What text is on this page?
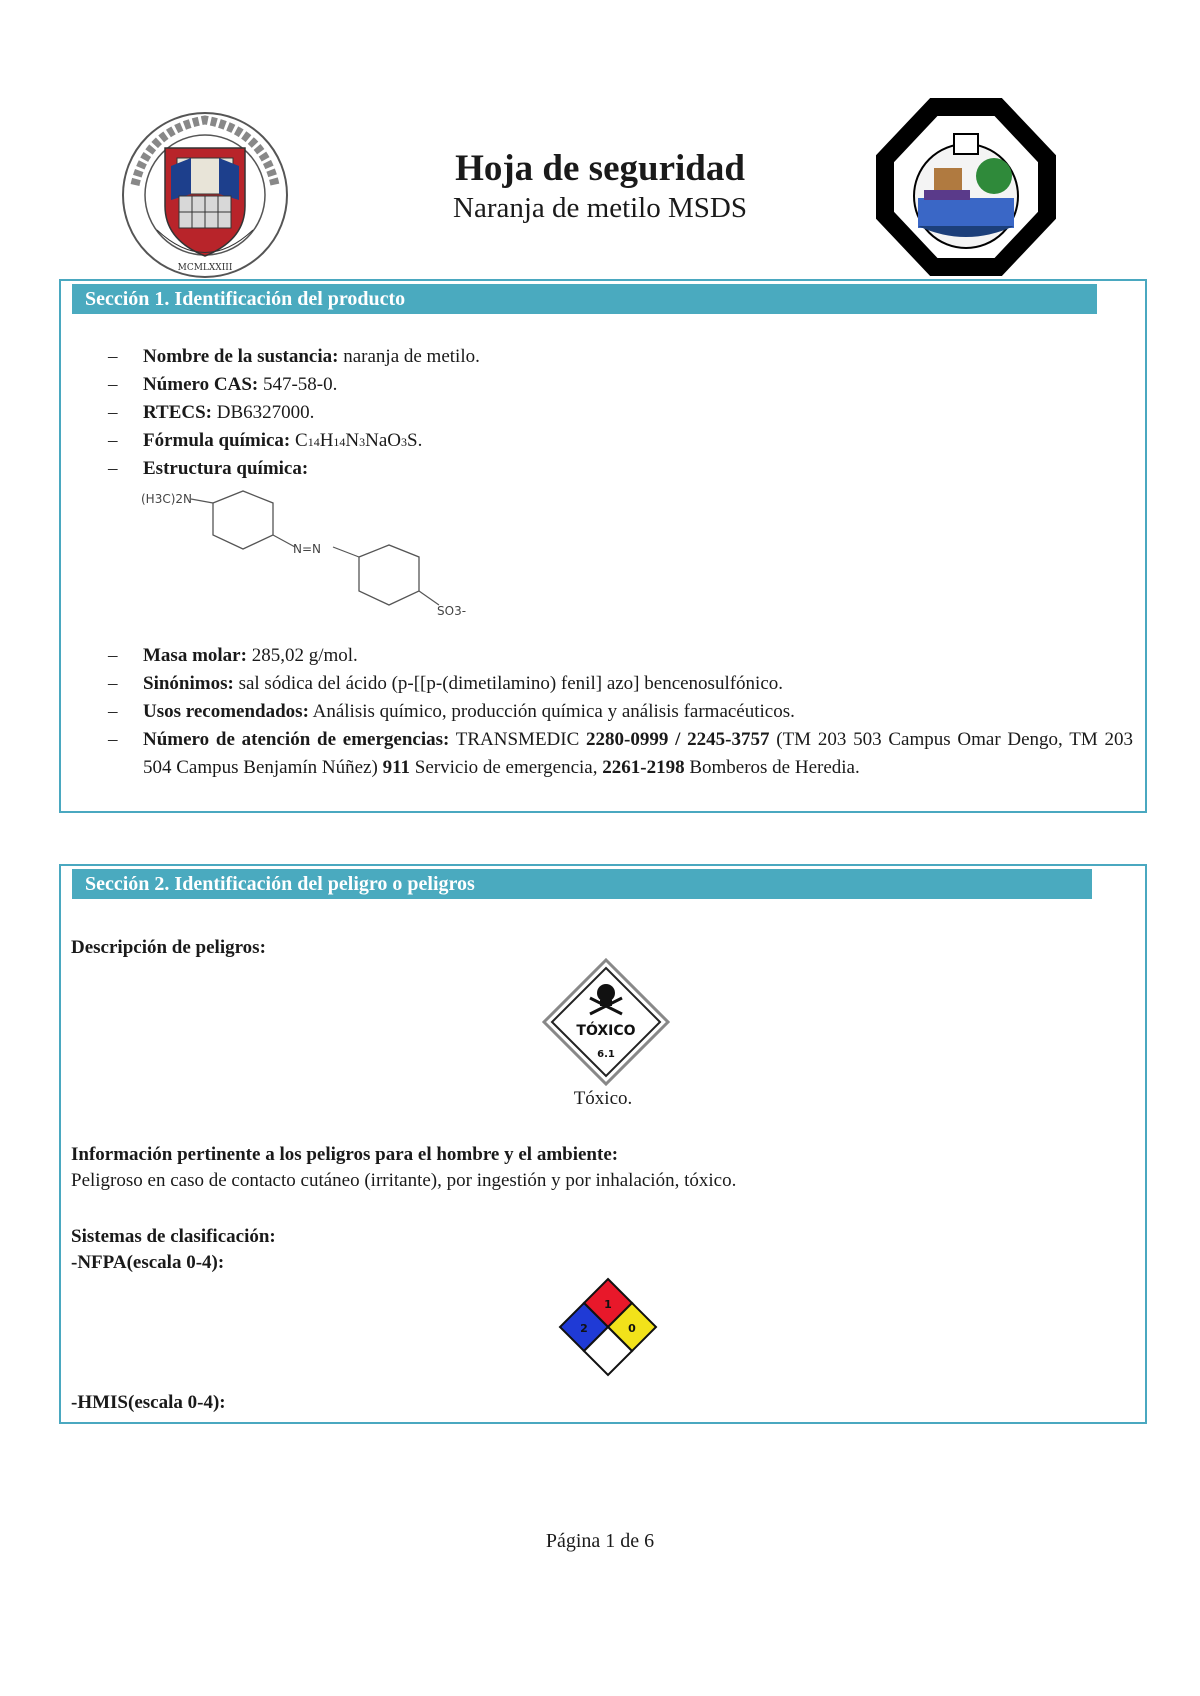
MCMLXXIII
Hoja de seguridad
Naranja de metilo MSDS
Sección 1. Identificación del producto
– Nombre de la sustancia: naranja de metilo.
– Número CAS: 547-58-0.
– RTECS: DB6327000.
– Fórmula química: C14H14N3NaO3S.
– Estructura química:
(H3C)2N
N=N
SO3-
– Masa molar: 285,02 g/mol.
– Sinónimos: sal sódica del ácido (p-[[p-(dimetilamino) fenil] azo] bencenosulfónico.
– Usos recomendados: Análisis químico, producción química y análisis farmacéuticos.
– Número de atención de emergencias: TRANSMEDIC 2280-0999 / 2245-3757 (TM 203 503 Campus Omar Dengo, TM 203 504 Campus Benjamín Núñez) 911 Servicio de emergencia, 2261-2198 Bomberos de Heredia.
Sección 2. Identificación del peligro o peligros
Descripción de peligros:
TÓXICO
6.1
Tóxico.
Información pertinente a los peligros para el hombre y el ambiente:
Peligroso en caso de contacto cutáneo (irritante), por ingestión y por inhalación, tóxico.
Sistemas de clasificación:
-NFPA(escala 0-4):
1
2	0
-HMIS(escala 0-4):
Página 1 de 6
